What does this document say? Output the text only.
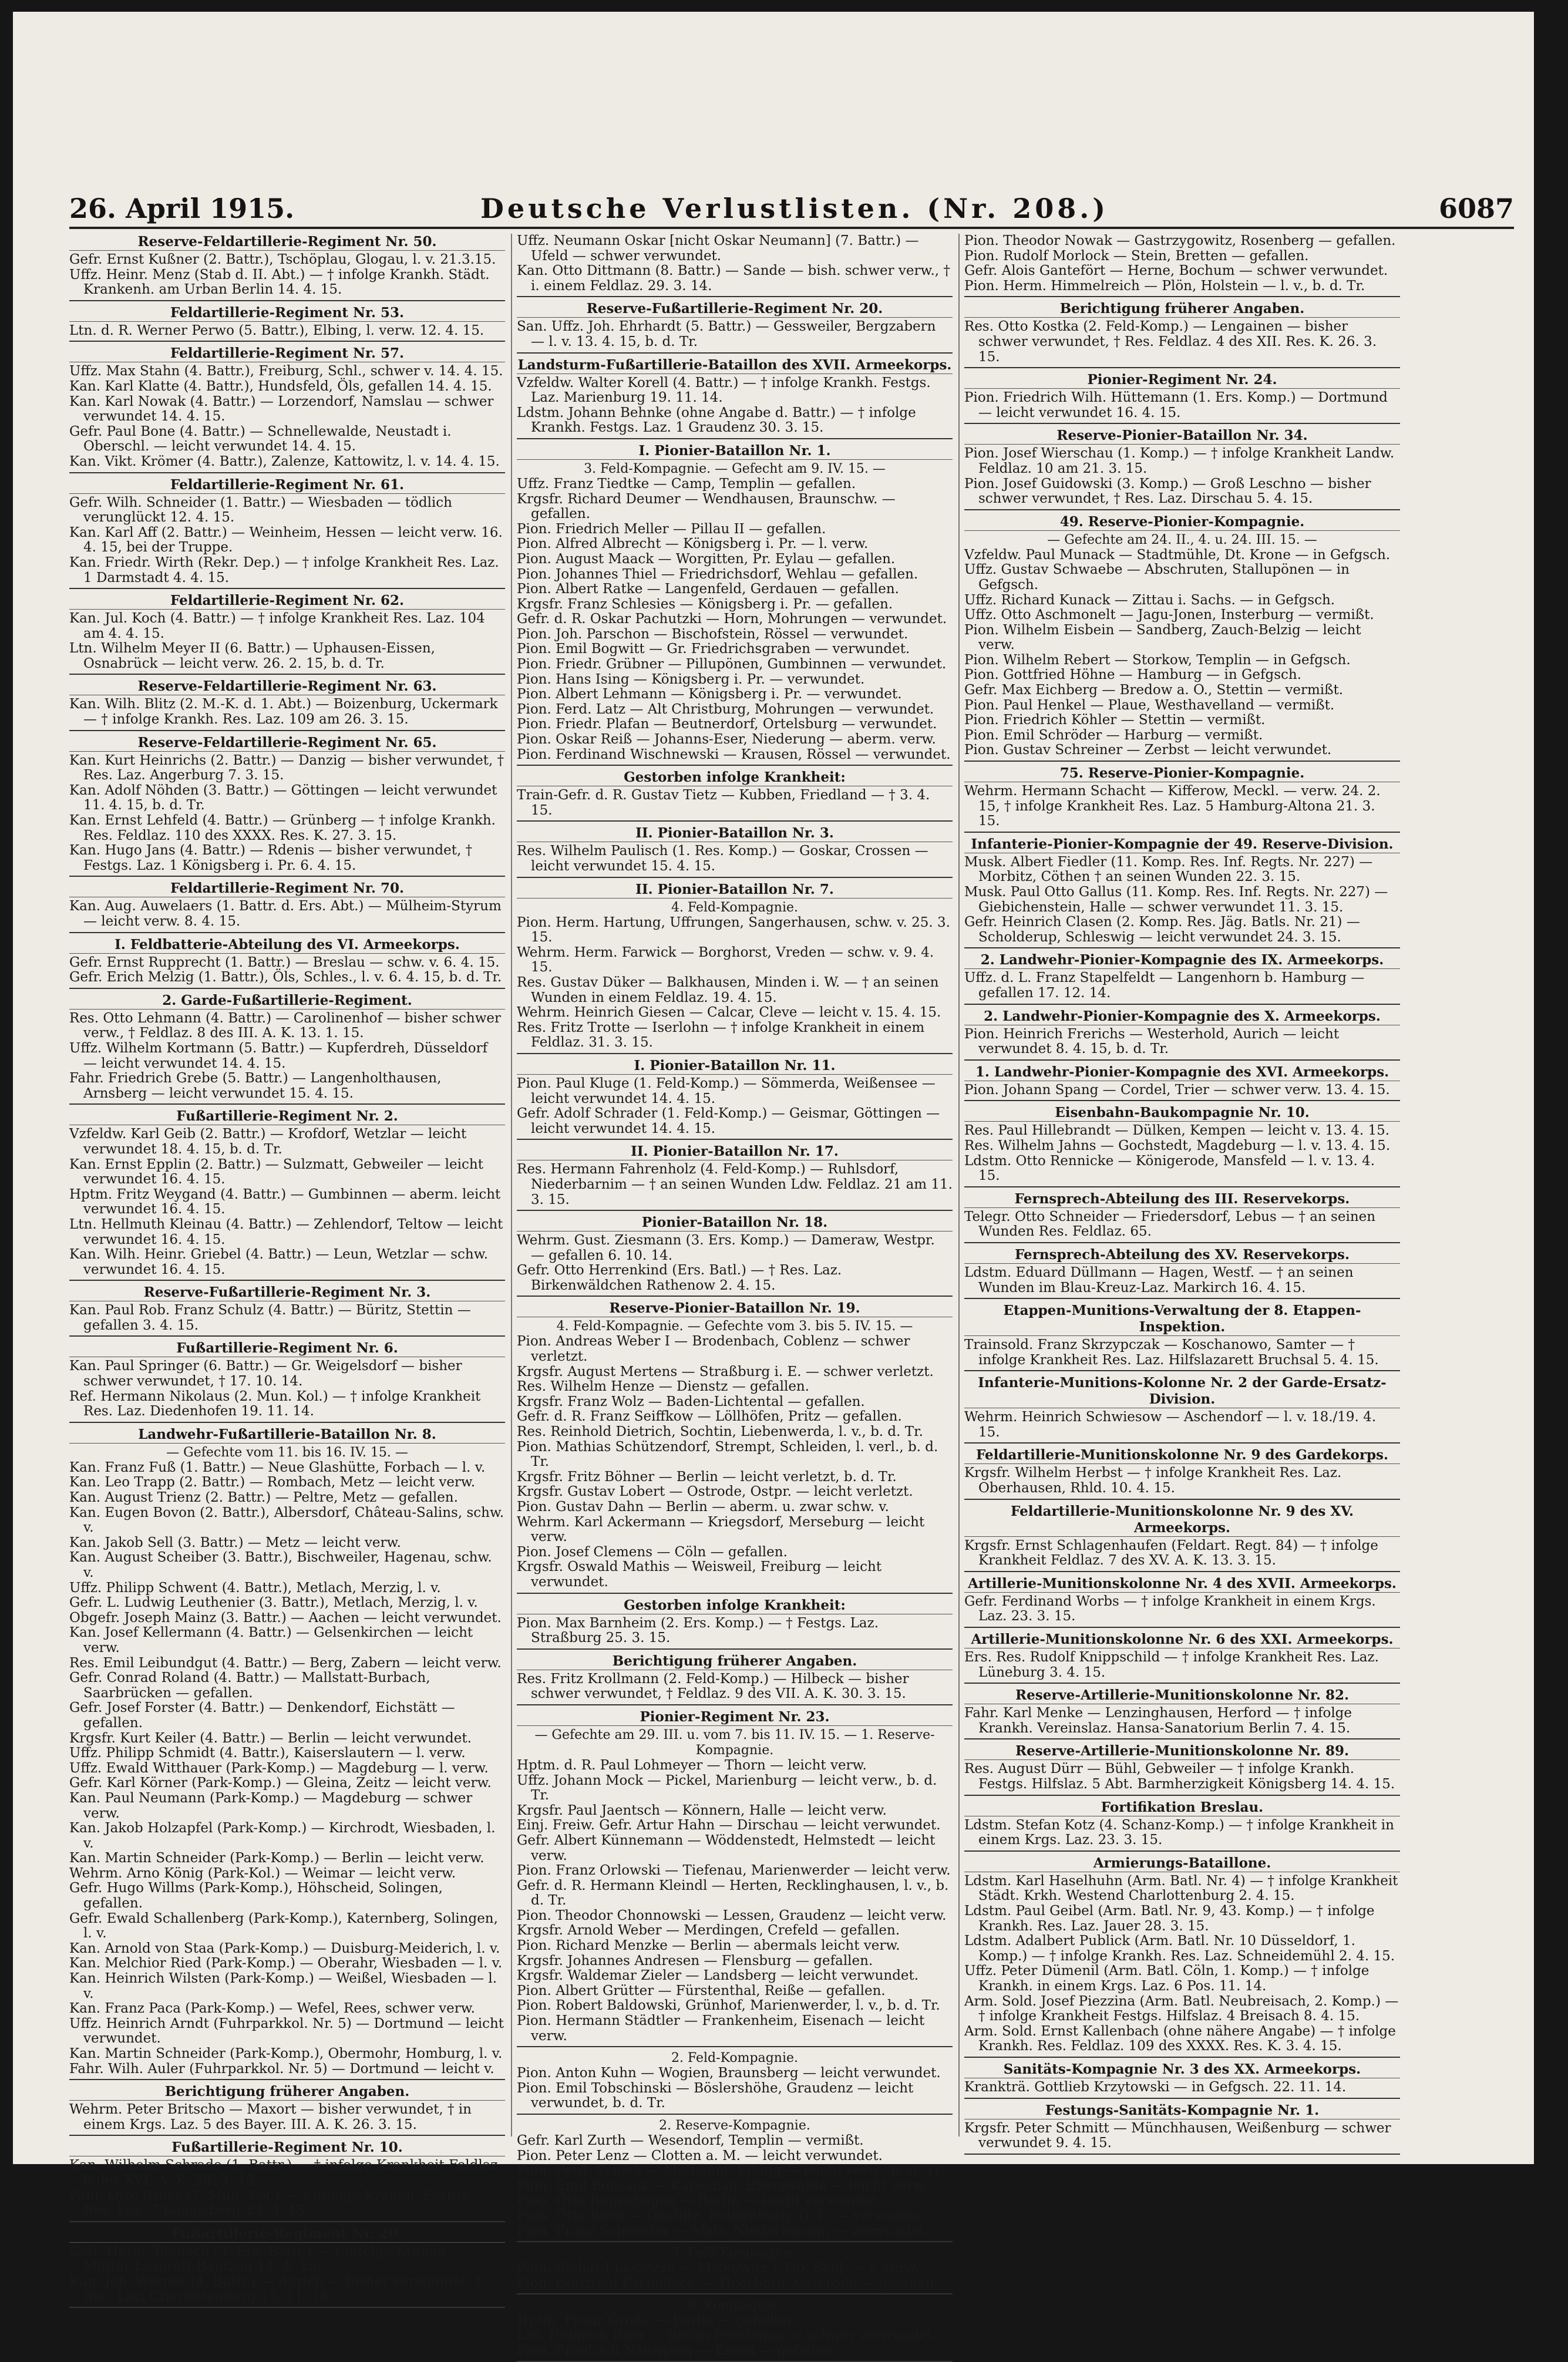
26. April 1915.	Deutsche Verlustlisten. (Nr. 208.)	6087
Reserve-Feldartillerie-Regiment Nr. 50.
Gefr. Ernst Kußner (2. Battr.), Tschöplau, Glogau, l. v. 21.3.15.
Uffz. Heinr. Menz (Stab d. II. Abt.) — † infolge Krankh. Städt. Krankenh. am Urban Berlin 14. 4. 15.
Feldartillerie-Regiment Nr. 53.
Ltn. d. R. Werner Perwo (5. Battr.), Elbing, l. verw. 12. 4. 15.
Feldartillerie-Regiment Nr. 57.
Uffz. Max Stahn (4. Battr.), Freiburg, Schl., schwer v. 14. 4. 15.
Kan. Karl Klatte (4. Battr.), Hundsfeld, Öls, gefallen 14. 4. 15.
Kan. Karl Nowak (4. Battr.) — Lorzendorf, Namslau — schwer verwundet 14. 4. 15.
Gefr. Paul Bone (4. Battr.) — Schnellewalde, Neustadt i. Oberschl. — leicht verwundet 14. 4. 15.
Kan. Vikt. Krömer (4. Battr.), Zalenze, Kattowitz, l. v. 14. 4. 15.
Feldartillerie-Regiment Nr. 61.
Gefr. Wilh. Schneider (1. Battr.) — Wiesbaden — tödlich verunglückt 12. 4. 15.
Kan. Karl Aff (2. Battr.) — Weinheim, Hessen — leicht verw. 16. 4. 15, bei der Truppe.
Kan. Friedr. Wirth (Rekr. Dep.) — † infolge Krankheit Res. Laz. 1 Darmstadt 4. 4. 15.
Feldartillerie-Regiment Nr. 62.
Kan. Jul. Koch (4. Battr.) — † infolge Krankheit Res. Laz. 104 am 4. 4. 15.
Ltn. Wilhelm Meyer II (6. Battr.) — Uphausen-Eissen, Osnabrück — leicht verw. 26. 2. 15, b. d. Tr.
Reserve-Feldartillerie-Regiment Nr. 63.
Kan. Wilh. Blitz (2. M.-K. d. 1. Abt.) — Boizenburg, Uckermark — † infolge Krankh. Res. Laz. 109 am 26. 3. 15.
Reserve-Feldartillerie-Regiment Nr. 65.
Kan. Kurt Heinrichs (2. Battr.) — Danzig — bisher verwundet, † Res. Laz. Angerburg 7. 3. 15.
Kan. Adolf Nöhden (3. Battr.) — Göttingen — leicht verwundet 11. 4. 15, b. d. Tr.
Kan. Ernst Lehfeld (4. Battr.) — Grünberg — † infolge Krankh. Res. Feldlaz. 110 des XXXX. Res. K. 27. 3. 15.
Kan. Hugo Jans (4. Battr.) — Rdenis — bisher verwundet, † Festgs. Laz. 1 Königsberg i. Pr. 6. 4. 15.
Feldartillerie-Regiment Nr. 70.
Kan. Aug. Auwelaers (1. Battr. d. Ers. Abt.) — Mülheim-Styrum — leicht verw. 8. 4. 15.
I. Feldbatterie-Abteilung des VI. Armeekorps.
Gefr. Ernst Rupprecht (1. Battr.) — Breslau — schw. v. 6. 4. 15.
Gefr. Erich Melzig (1. Battr.), Öls, Schles., l. v. 6. 4. 15, b. d. Tr.
2. Garde-Fußartillerie-Regiment.
Res. Otto Lehmann (4. Battr.) — Carolinenhof — bisher schwer verw., † Feldlaz. 8 des III. A. K. 13. 1. 15.
Uffz. Wilhelm Kortmann (5. Battr.) — Kupferdreh, Düsseldorf — leicht verwundet 14. 4. 15.
Fahr. Friedrich Grebe (5. Battr.) — Langenholthausen, Arnsberg — leicht verwundet 15. 4. 15.
Fußartillerie-Regiment Nr. 2.
Vzfeldw. Karl Geib (2. Battr.) — Krofdorf, Wetzlar — leicht verwundet 18. 4. 15, b. d. Tr.
Kan. Ernst Epplin (2. Battr.) — Sulzmatt, Gebweiler — leicht verwundet 16. 4. 15.
Hptm. Fritz Weygand (4. Battr.) — Gumbinnen — aberm. leicht verwundet 16. 4. 15.
Ltn. Hellmuth Kleinau (4. Battr.) — Zehlendorf, Teltow — leicht verwundet 16. 4. 15.
Kan. Wilh. Heinr. Griebel (4. Battr.) — Leun, Wetzlar — schw. verwundet 16. 4. 15.
Reserve-Fußartillerie-Regiment Nr. 3.
Kan. Paul Rob. Franz Schulz (4. Battr.) — Büritz, Stettin — gefallen 3. 4. 15.
Fußartillerie-Regiment Nr. 6.
Kan. Paul Springer (6. Battr.) — Gr. Weigelsdorf — bisher schwer verwundet, † 17. 10. 14.
Ref. Hermann Nikolaus (2. Mun. Kol.) — † infolge Krankheit Res. Laz. Diedenhofen 19. 11. 14.
Landwehr-Fußartillerie-Bataillon Nr. 8.
— Gefechte vom 11. bis 16. IV. 15. —
Kan. Franz Fuß (1. Battr.) — Neue Glashütte, Forbach — l. v.
Kan. Leo Trapp (2. Battr.) — Rombach, Metz — leicht verw.
Kan. August Trienz (2. Battr.) — Peltre, Metz — gefallen.
Kan. Eugen Bovon (2. Battr.), Albersdorf, Château-Salins, schw. v.
Kan. Jakob Sell (3. Battr.) — Metz — leicht verw.
Kan. August Scheiber (3. Battr.), Bischweiler, Hagenau, schw. v.
Uffz. Philipp Schwent (4. Battr.), Metlach, Merzig, l. v.
Gefr. L. Ludwig Leuthenier (3. Battr.), Metlach, Merzig, l. v.
Obgefr. Joseph Mainz (3. Battr.) — Aachen — leicht verwundet.
Kan. Josef Kellermann (4. Battr.) — Gelsenkirchen — leicht verw.
Res. Emil Leibundgut (4. Battr.) — Berg, Zabern — leicht verw.
Gefr. Conrad Roland (4. Battr.) — Mallstatt-Burbach, Saarbrücken — gefallen.
Gefr. Josef Forster (4. Battr.) — Denkendorf, Eichstätt — gefallen.
Krgsfr. Kurt Keiler (4. Battr.) — Berlin — leicht verwundet.
Uffz. Philipp Schmidt (4. Battr.), Kaiserslautern — l. verw.
Uffz. Ewald Witthauer (Park-Komp.) — Magdeburg — l. verw.
Gefr. Karl Körner (Park-Komp.) — Gleina, Zeitz — leicht verw.
Kan. Paul Neumann (Park-Komp.) — Magdeburg — schwer verw.
Kan. Jakob Holzapfel (Park-Komp.) — Kirchrodt, Wiesbaden, l. v.
Kan. Martin Schneider (Park-Komp.) — Berlin — leicht verw.
Wehrm. Arno König (Park-Kol.) — Weimar — leicht verw.
Gefr. Hugo Willms (Park-Komp.), Höhscheid, Solingen, gefallen.
Gefr. Ewald Schallenberg (Park-Komp.), Katernberg, Solingen, l. v.
Kan. Arnold von Staa (Park-Komp.) — Duisburg-Meiderich, l. v.
Kan. Melchior Ried (Park-Komp.) — Oberahr, Wiesbaden — l. v.
Kan. Heinrich Wilsten (Park-Komp.) — Weißel, Wiesbaden — l. v.
Kan. Franz Paca (Park-Komp.) — Wefel, Rees, schwer verw.
Uffz. Heinrich Arndt (Fuhrparkkol. Nr. 5) — Dortmund — leicht verwundet.
Kan. Martin Schneider (Park-Komp.), Obermohr, Homburg, l. v.
Fahr. Wilh. Auler (Fuhrparkkol. Nr. 5) — Dortmund — leicht v.
Berichtigung früherer Angaben.
Wehrm. Peter Britscho — Maxort — bisher verwundet, † in einem Krgs. Laz. 5 des Bayer. III. A. K. 26. 3. 15.
Fußartillerie-Regiment Nr. 10.
Kan. Wilhelm Schrade (1. Battr.) — † infolge Krankheit Feldlaz. 8 des XVI. A. K. 28. 3. 15.
Fahr. Otto Irmer (7. Mun. Kol.) — † infolge Krankh. Festgs. Res. Laz. 7 Königsberg 23. 3. 15.
Fußartillerie-Regiment Nr. 20.
Gefr. Herm. Bentsch (3. Ers. Battr.) — † infolge Krankh. Militär-Lazarett Bautzen 14. 4. 15.
Kan. Joh. Werner (4. Battr.) — Aurich — bisher verwundet, † Res. Laz. Charlottenburg 13. 11. 14.
Uffz. Neumann Oskar [nicht Oskar Neumann] (7. Battr.) — Ufeld — schwer verwundet.
Kan. Otto Dittmann (8. Battr.) — Sande — bish. schwer verw., † i. einem Feldlaz. 29. 3. 14.
Reserve-Fußartillerie-Regiment Nr. 20.
San. Uffz. Joh. Ehrhardt (5. Battr.) — Gessweiler, Bergzabern — l. v. 13. 4. 15, b. d. Tr.
Landsturm-Fußartillerie-Bataillon des XVII. Armeekorps.
Vzfeldw. Walter Korell (4. Battr.) — † infolge Krankh. Festgs. Laz. Marienburg 19. 11. 14.
Ldstm. Johann Behnke (ohne Angabe d. Battr.) — † infolge Krankh. Festgs. Laz. 1 Graudenz 30. 3. 15.
I. Pionier-Bataillon Nr. 1.
3. Feld-Kompagnie. — Gefecht am 9. IV. 15. —
Uffz. Franz Tiedtke — Camp, Templin — gefallen.
Krgsfr. Richard Deumer — Wendhausen, Braunschw. — gefallen.
Pion. Friedrich Meller — Pillau II — gefallen.
Pion. Alfred Albrecht — Königsberg i. Pr. — l. verw.
Pion. August Maack — Worgitten, Pr. Eylau — gefallen.
Pion. Johannes Thiel — Friedrichsdorf, Wehlau — gefallen.
Pion. Albert Ratke — Langenfeld, Gerdauen — gefallen.
Krgsfr. Franz Schlesies — Königsberg i. Pr. — gefallen.
Gefr. d. R. Oskar Pachutzki — Horn, Mohrungen — verwundet.
Pion. Joh. Parschon — Bischofstein, Rössel — verwundet.
Pion. Emil Bogwitt — Gr. Friedrichsgraben — verwundet.
Pion. Friedr. Grübner — Pillupönen, Gumbinnen — verwundet.
Pion. Hans Ising — Königsberg i. Pr. — verwundet.
Pion. Albert Lehmann — Königsberg i. Pr. — verwundet.
Pion. Ferd. Latz — Alt Christburg, Mohrungen — verwundet.
Pion. Friedr. Plafan — Beutnerdorf, Ortelsburg — verwundet.
Pion. Oskar Reiß — Johanns-Eser, Niederung — aberm. verw.
Pion. Ferdinand Wischnewski — Krausen, Rössel — verwundet.
Gestorben infolge Krankheit:
Train-Gefr. d. R. Gustav Tietz — Kubben, Friedland — † 3. 4. 15.
II. Pionier-Bataillon Nr. 3.
Res. Wilhelm Paulisch (1. Res. Komp.) — Goskar, Crossen — leicht verwundet 15. 4. 15.
II. Pionier-Bataillon Nr. 7.
4. Feld-Kompagnie.
Pion. Herm. Hartung, Uffrungen, Sangerhausen, schw. v. 25. 3. 15.
Wehrm. Herm. Farwick — Borghorst, Vreden — schw. v. 9. 4. 15.
Res. Gustav Düker — Balkhausen, Minden i. W. — † an seinen Wunden in einem Feldlaz. 19. 4. 15.
Wehrm. Heinrich Giesen — Calcar, Cleve — leicht v. 15. 4. 15.
Res. Fritz Trotte — Iserlohn — † infolge Krankheit in einem Feldlaz. 31. 3. 15.
I. Pionier-Bataillon Nr. 11.
Pion. Paul Kluge (1. Feld-Komp.) — Sömmerda, Weißensee — leicht verwundet 14. 4. 15.
Gefr. Adolf Schrader (1. Feld-Komp.) — Geismar, Göttingen — leicht verwundet 14. 4. 15.
II. Pionier-Bataillon Nr. 17.
Res. Hermann Fahrenholz (4. Feld-Komp.) — Ruhlsdorf, Niederbarnim — † an seinen Wunden Ldw. Feldlaz. 21 am 11. 3. 15.
Pionier-Bataillon Nr. 18.
Wehrm. Gust. Ziesmann (3. Ers. Komp.) — Dameraw, Westpr. — gefallen 6. 10. 14.
Gefr. Otto Herrenkind (Ers. Batl.) — † Res. Laz. Birkenwäldchen Rathenow 2. 4. 15.
Reserve-Pionier-Bataillon Nr. 19.
4. Feld-Kompagnie. — Gefechte vom 3. bis 5. IV. 15. —
Pion. Andreas Weber I — Brodenbach, Coblenz — schwer verletzt.
Krgsfr. August Mertens — Straßburg i. E. — schwer verletzt.
Res. Wilhelm Henze — Dienstz — gefallen.
Krgsfr. Franz Wolz — Baden-Lichtental — gefallen.
Gefr. d. R. Franz Seiffkow — Löllhöfen, Pritz — gefallen.
Res. Reinhold Dietrich, Sochtin, Liebenwerda, l. v., b. d. Tr.
Pion. Mathias Schützendorf, Strempt, Schleiden, l. verl., b. d. Tr.
Krgsfr. Fritz Böhner — Berlin — leicht verletzt, b. d. Tr.
Krgsfr. Gustav Lobert — Ostrode, Ostpr. — leicht verletzt.
Pion. Gustav Dahn — Berlin — aberm. u. zwar schw. v.
Wehrm. Karl Ackermann — Kriegsdorf, Merseburg — leicht verw.
Pion. Josef Clemens — Cöln — gefallen.
Krgsfr. Oswald Mathis — Weisweil, Freiburg — leicht verwundet.
Gestorben infolge Krankheit:
Pion. Max Barnheim (2. Ers. Komp.) — † Festgs. Laz. Straßburg 25. 3. 15.
Berichtigung früherer Angaben.
Res. Fritz Krollmann (2. Feld-Komp.) — Hilbeck — bisher schwer verwundet, † Feldlaz. 9 des VII. A. K. 30. 3. 15.
Pionier-Regiment Nr. 23.
— Gefechte am 29. III. u. vom 7. bis 11. IV. 15. — 1. Reserve-Kompagnie.
Hptm. d. R. Paul Lohmeyer — Thorn — leicht verw.
Uffz. Johann Mock — Pickel, Marienburg — leicht verw., b. d. Tr.
Krgsfr. Paul Jaentsch — Könnern, Halle — leicht verw.
Einj. Freiw. Gefr. Artur Hahn — Dirschau — leicht verwundet.
Gefr. Albert Künnemann — Wöddenstedt, Helmstedt — leicht verw.
Pion. Franz Orlowski — Tiefenau, Marienwerder — leicht verw.
Gefr. d. R. Hermann Kleindl — Herten, Recklinghausen, l. v., b. d. Tr.
Pion. Theodor Chonnowski — Lessen, Graudenz — leicht verw.
Krgsfr. Arnold Weber — Merdingen, Crefeld — gefallen.
Pion. Richard Menzke — Berlin — abermals leicht verw.
Krgsfr. Johannes Andresen — Flensburg — gefallen.
Krgsfr. Waldemar Zieler — Landsberg — leicht verwundet.
Pion. Albert Grütter — Fürstenthal, Reiße — gefallen.
Pion. Robert Baldowski, Grünhof, Marienwerder, l. v., b. d. Tr.
Pion. Hermann Städtler — Frankenheim, Eisenach — leicht verw.
2. Feld-Kompagnie.
Pion. Anton Kuhn — Wogien, Braunsberg — leicht verwundet.
Pion. Emil Tobschinski — Böslershöhe, Graudenz — leicht verwundet, b. d. Tr.
2. Reserve-Kompagnie.
Gefr. Karl Zurth — Wesendorf, Templin — vermißt.
Pion. Peter Lenz — Clotten a. M. — leicht verwundet.
Pion. Ferd. Schiek — Malbaum, Elbing — leicht verw., b. d. Tr.
Pion. Emil Bonsack — Kapschau, Eberswalde — leicht verw.
Pion. Otto Bugenhagen — Berlin — leicht verwundet.
Pion. Otto Biele — Daubitz, Rothenburg, O. L. — verwundet.
Pion. Franz Schneider — Malz, Niederbarnim — verwundet.
3. Feld-Kompagnie.
Pion. Richard Laszczyk — Mickowitz i. Ob. Schl. — l. verw.
Pion. Gottfried Pacholleck — Thierberg, Osterode — gefallen.
8. Kompagnie.
Hptm. Franz Große — Berlin — gefallen.
Ltn. Heinrich Roer — Berlin-Friedenau — schwer verwundet.
Pion. Friedrich Nahrgang — Essen — gefallen.
Pion. Theodor Nowak — Gastrzygowitz, Rosenberg — gefallen.
Pion. Rudolf Morlock — Stein, Bretten — gefallen.
Gefr. Alois Gantefört — Herne, Bochum — schwer verwundet.
Pion. Herm. Himmelreich — Plön, Holstein — l. v., b. d. Tr.
Berichtigung früherer Angaben.
Res. Otto Kostka (2. Feld-Komp.) — Lengainen — bisher schwer verwundet, † Res. Feldlaz. 4 des XII. Res. K. 26. 3. 15.
Pionier-Regiment Nr. 24.
Pion. Friedrich Wilh. Hüttemann (1. Ers. Komp.) — Dortmund — leicht verwundet 16. 4. 15.
Reserve-Pionier-Bataillon Nr. 34.
Pion. Josef Wierschau (1. Komp.) — † infolge Krankheit Landw. Feldlaz. 10 am 21. 3. 15.
Pion. Josef Guidowski (3. Komp.) — Groß Leschno — bisher schwer verwundet, † Res. Laz. Dirschau 5. 4. 15.
49. Reserve-Pionier-Kompagnie.
— Gefechte am 24. II., 4. u. 24. III. 15. —
Vzfeldw. Paul Munack — Stadtmühle, Dt. Krone — in Gefgsch.
Uffz. Gustav Schwaebe — Abschruten, Stallupönen — in Gefgsch.
Uffz. Richard Kunack — Zittau i. Sachs. — in Gefgsch.
Uffz. Otto Aschmonelt — Jagu-Jonen, Insterburg — vermißt.
Pion. Wilhelm Eisbein — Sandberg, Zauch-Belzig — leicht verw.
Pion. Wilhelm Rebert — Storkow, Templin — in Gefgsch.
Pion. Gottfried Höhne — Hamburg — in Gefgsch.
Gefr. Max Eichberg — Bredow a. O., Stettin — vermißt.
Pion. Paul Henkel — Plaue, Westhavelland — vermißt.
Pion. Friedrich Köhler — Stettin — vermißt.
Pion. Emil Schröder — Harburg — vermißt.
Pion. Gustav Schreiner — Zerbst — leicht verwundet.
75. Reserve-Pionier-Kompagnie.
Wehrm. Hermann Schacht — Kifferow, Meckl. — verw. 24. 2. 15, † infolge Krankheit Res. Laz. 5 Hamburg-Altona 21. 3. 15.
Infanterie-Pionier-Kompagnie der 49. Reserve-Division.
Musk. Albert Fiedler (11. Komp. Res. Inf. Regts. Nr. 227) — Morbitz, Cöthen † an seinen Wunden 22. 3. 15.
Musk. Paul Otto Gallus (11. Komp. Res. Inf. Regts. Nr. 227) — Giebichenstein, Halle — schwer verwundet 11. 3. 15.
Gefr. Heinrich Clasen (2. Komp. Res. Jäg. Batls. Nr. 21) — Scholderup, Schleswig — leicht verwundet 24. 3. 15.
2. Landwehr-Pionier-Kompagnie des IX. Armeekorps.
Uffz. d. L. Franz Stapelfeldt — Langenhorn b. Hamburg — gefallen 17. 12. 14.
2. Landwehr-Pionier-Kompagnie des X. Armeekorps.
Pion. Heinrich Frerichs — Westerhold, Aurich — leicht verwundet 8. 4. 15, b. d. Tr.
1. Landwehr-Pionier-Kompagnie des XVI. Armeekorps.
Pion. Johann Spang — Cordel, Trier — schwer verw. 13. 4. 15.
Eisenbahn-Baukompagnie Nr. 10.
Res. Paul Hillebrandt — Dülken, Kempen — leicht v. 13. 4. 15.
Res. Wilhelm Jahns — Gochstedt, Magdeburg — l. v. 13. 4. 15.
Ldstm. Otto Rennicke — Königerode, Mansfeld — l. v. 13. 4. 15.
Fernsprech-Abteilung des III. Reservekorps.
Telegr. Otto Schneider — Friedersdorf, Lebus — † an seinen Wunden Res. Feldlaz. 65.
Fernsprech-Abteilung des XV. Reservekorps.
Ldstm. Eduard Düllmann — Hagen, Westf. — † an seinen Wunden im Blau-Kreuz-Laz. Markirch 16. 4. 15.
Etappen-Munitions-Verwaltung der 8. Etappen-Inspektion.
Trainsold. Franz Skrzypczak — Koschanowo, Samter — † infolge Krankheit Res. Laz. Hilfslazarett Bruchsal 5. 4. 15.
Infanterie-Munitions-Kolonne Nr. 2 der Garde-Ersatz-Division.
Wehrm. Heinrich Schwiesow — Aschendorf — l. v. 18./19. 4. 15.
Feldartillerie-Munitionskolonne Nr. 9 des Gardekorps.
Krgsfr. Wilhelm Herbst — † infolge Krankheit Res. Laz. Oberhausen, Rhld. 10. 4. 15.
Feldartillerie-Munitionskolonne Nr. 9 des XV. Armeekorps.
Krgsfr. Ernst Schlagenhaufen (Feldart. Regt. 84) — † infolge Krankheit Feldlaz. 7 des XV. A. K. 13. 3. 15.
Artillerie-Munitionskolonne Nr. 4 des XVII. Armeekorps.
Gefr. Ferdinand Worbs — † infolge Krankheit in einem Krgs. Laz. 23. 3. 15.
Artillerie-Munitionskolonne Nr. 6 des XXI. Armeekorps.
Ers. Res. Rudolf Knippschild — † infolge Krankheit Res. Laz. Lüneburg 3. 4. 15.
Reserve-Artillerie-Munitionskolonne Nr. 82.
Fahr. Karl Menke — Lenzinghausen, Herford — † infolge Krankh. Vereinslaz. Hansa-Sanatorium Berlin 7. 4. 15.
Reserve-Artillerie-Munitionskolonne Nr. 89.
Res. August Dürr — Bühl, Gebweiler — † infolge Krankh. Festgs. Hilfslaz. 5 Abt. Barmherzigkeit Königsberg 14. 4. 15.
Fortifikation Breslau.
Ldstm. Stefan Kotz (4. Schanz-Komp.) — † infolge Krankheit in einem Krgs. Laz. 23. 3. 15.
Armierungs-Bataillone.
Ldstm. Karl Haselhuhn (Arm. Batl. Nr. 4) — † infolge Krankheit Städt. Krkh. Westend Charlottenburg 2. 4. 15.
Ldstm. Paul Geibel (Arm. Batl. Nr. 9, 43. Komp.) — † infolge Krankh. Res. Laz. Jauer 28. 3. 15.
Ldstm. Adalbert Publick (Arm. Batl. Nr. 10 Düsseldorf, 1. Komp.) — † infolge Krankh. Res. Laz. Schneidemühl 2. 4. 15.
Uffz. Peter Dümenil (Arm. Batl. Cöln, 1. Komp.) — † infolge Krankh. in einem Krgs. Laz. 6 Pos. 11. 14.
Arm. Sold. Josef Piezzina (Arm. Batl. Neubreisach, 2. Komp.) — † infolge Krankheit Festgs. Hilfslaz. 4 Breisach 8. 4. 15.
Arm. Sold. Ernst Kallenbach (ohne nähere Angabe) — † infolge Krankh. Res. Feldlaz. 109 des XXXX. Res. K. 3. 4. 15.
Sanitäts-Kompagnie Nr. 3 des XX. Armeekorps.
Krankträ. Gottlieb Krzytowski — in Gefgsch. 22. 11. 14.
Festungs-Sanitäts-Kompagnie Nr. 1.
Krgsfr. Peter Schmitt — Münchhausen, Weißenburg — schwer verwundet 9. 4. 15.
